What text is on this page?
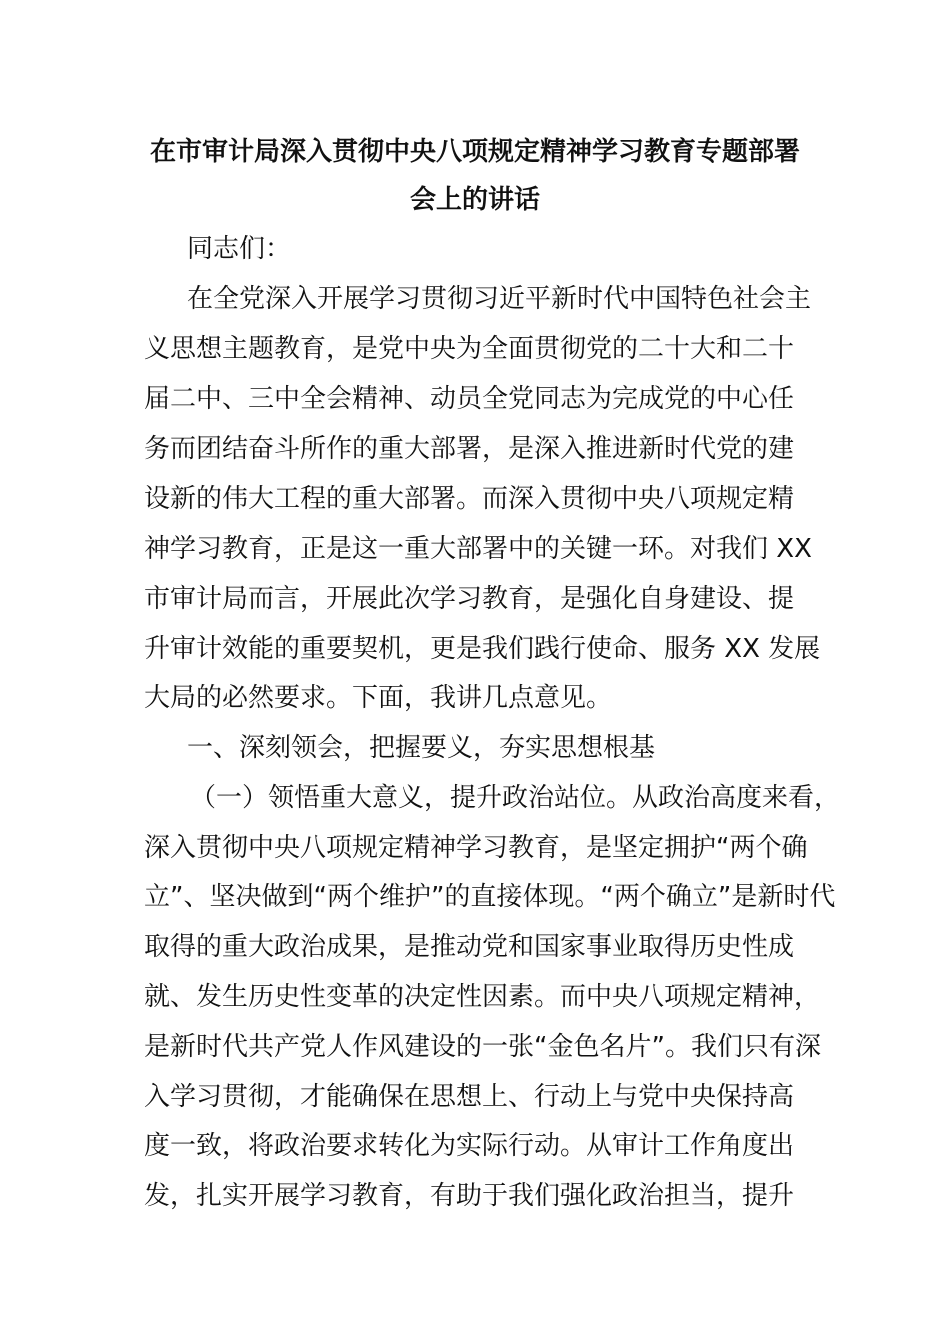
在市审计局深入贯彻中央八项规定精神学习教育专题部署
会上的讲话
同志们：
在全党深入开展学习贯彻习近平新时代中国特色社会主
义思想主题教育，是党中央为全面贯彻党的二十大和二十
届二中、三中全会精神、动员全党同志为完成党的中心任
务而团结奋斗所作的重大部署，是深入推进新时代党的建
设新的伟大工程的重大部署。而深入贯彻中央八项规定精
神学习教育，正是这一重大部署中的关键一环。对我们 XX
市审计局而言，开展此次学习教育，是强化自身建设、提
升审计效能的重要契机，更是我们践行使命、服务 XX 发展
大局的必然要求。下面，我讲几点意见。
一、深刻领会，把握要义，夯实思想根基
（一）领悟重大意义，提升政治站位。从政治高度来看，
深入贯彻中央八项规定精神学习教育，是坚定拥护“两个确
立”、坚决做到“两个维护”的直接体现。“两个确立”是新时代
取得的重大政治成果，是推动党和国家事业取得历史性成
就、发生历史性变革的决定性因素。而中央八项规定精神，
是新时代共产党人作风建设的一张“金色名片”。我们只有深
入学习贯彻，才能确保在思想上、行动上与党中央保持高
度一致，将政治要求转化为实际行动。从审计工作角度出
发，扎实开展学习教育，有助于我们强化政治担当，提升
